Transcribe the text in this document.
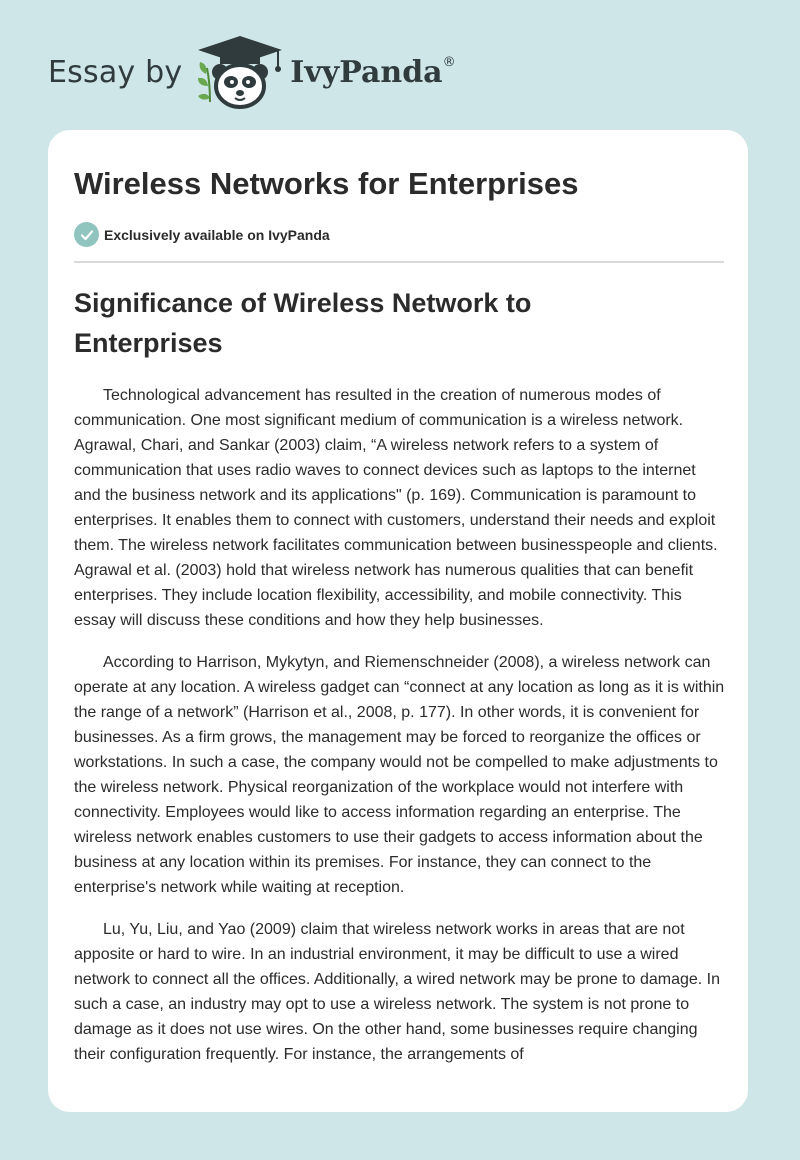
Essay by	IvyPanda®
Wireless Networks for Enterprises
Exclusively available on IvyPanda
Significance of Wireless Network to Enterprises

Technological advancement has resulted in the creation of numerous modes of communication. One most significant medium of communication is a wireless network. Agrawal, Chari, and Sankar (2003) claim, “A wireless network refers to a system of communication that uses radio waves to connect devices such as laptops to the internet and the business network and its applications" (p. 169). Communication is paramount to enterprises. It enables them to connect with customers, understand their needs and exploit them. The wireless network facilitates communication between businesspeople and clients. Agrawal et al. (2003) hold that wireless network has numerous qualities that can benefit enterprises. They include location flexibility, accessibility, and mobile connectivity. This essay will discuss these conditions and how they help businesses.

According to Harrison, Mykytyn, and Riemenschneider (2008), a wireless network can operate at any location. A wireless gadget can “connect at any location as long as it is within the range of a network” (Harrison et al., 2008, p. 177). In other words, it is convenient for businesses. As a firm grows, the management may be forced to reorganize the offices or workstations. In such a case, the company would not be compelled to make adjustments to the wireless network. Physical reorganization of the workplace would not interfere with connectivity. Employees would like to access information regarding an enterprise. The wireless network enables customers to use their gadgets to access information about the business at any location within its premises. For instance, they can connect to the enterprise's network while waiting at reception.

Lu, Yu, Liu, and Yao (2009) claim that wireless network works in areas that are not apposite or hard to wire. In an industrial environment, it may be difficult to use a wired network to connect all the offices. Additionally, a wired network may be prone to damage. In such a case, an industry may opt to use a wireless network. The system is not prone to damage as it does not use wires. On the other hand, some businesses require changing their configuration frequently. For instance, the arrangements of
